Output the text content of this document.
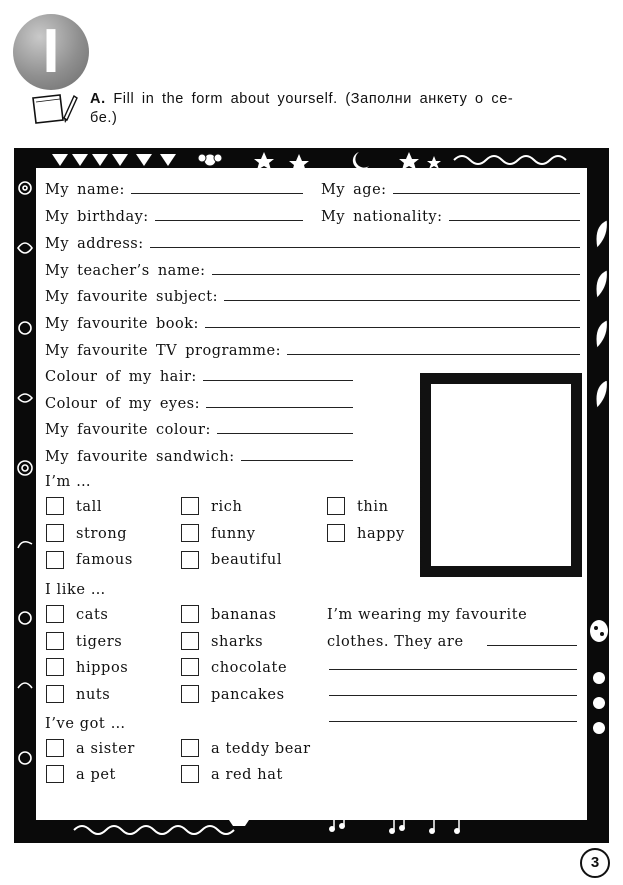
I
A. Fill in the form about yourself. (Заполни анкету о се-
бе.)
My name:	My age:
My birthday:	My nationality:
My address:
My teacher’s name:
My favourite subject:
My favourite book:
My favourite TV programme:
Colour of my hair:
Colour of my eyes:
My favourite colour:
My favourite sandwich:
I’m …
tall	rich	thin
strong	funny	happy
famous	beautiful
I like …
cats	bananas
tigers	sharks
hippos	chocolate
nuts	pancakes
I’m wearing my favourite
clothes. They are
I’ve got …
a sister	a teddy bear
a pet	a red hat
3
